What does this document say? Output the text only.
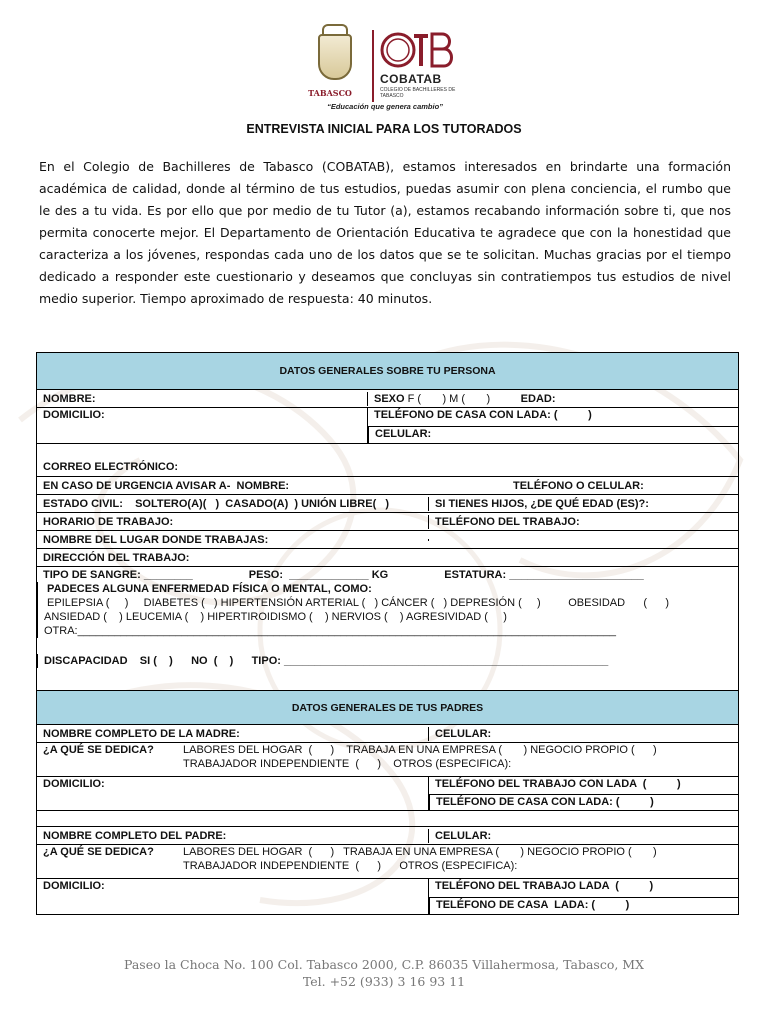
TABASCO
COBATAB
COLEGIO DE BACHILLERES DE TABASCO
“Educación que genera cambio”
ENTREVISTA INICIAL PARA LOS TUTORADOS
En el Colegio de Bachilleres de Tabasco (COBATAB), estamos interesados en brindarte una formación académica de calidad, donde al término de tus estudios, puedas asumir con plena conciencia, el rumbo que le des a tu vida. Es por ello que por medio de tu Tutor (a), estamos recabando información sobre ti, que nos permita conocerte mejor. El Departamento de Orientación Educativa te agradece que con la honestidad que caracteriza a los jóvenes, respondas cada uno de los datos que se te solicitan. Muchas gracias por el tiempo dedicado a responder este cuestionario y deseamos que concluyas sin contratiempos tus estudios de nivel medio superior. Tiempo aproximado de respuesta: 40 minutos.
DATOS GENERALES SOBRE TU PERSONA
NOMBRE:	SEXO F (       ) M (       )          EDAD:
DOMICILIO:	TELÉFONO DE CASA CON LADA: (          )
CELULAR:
CORREO ELECTRÓNICO:
EN CASO DE URGENCIA AVISAR A-  NOMBRE:	TELÉFONO O CELULAR:
ESTADO CIVIL:    SOLTERO(A)(   )  CASADO(A)  ) UNIÓN LIBRE(   )	SI TIENES HIJOS, ¿DE QUÉ EDAD (ES)?:
HORARIO DE TRABAJO:	TELÉFONO DEL TRABAJO:
NOMBRE DEL LUGAR DONDE TRABAJAS:
DIRECCIÓN DEL TRABAJO:
TIPO DE SANGRE: ________	PESO:  _____________ KG	ESTATURA: ______________________
PADECES ALGUNA ENFERMEDAD FÍSICA O MENTAL, COMO:
EPILEPSIA (     )     DIABETES (   ) HIPERTENSIÓN ARTERIAL (   ) CÁNCER (   ) DEPRESIÓN (     )         OBESIDAD      (      )
ANSIEDAD (    ) LEUCEMIA (    ) HIPERTIROIDISMO (    ) NERVIOS (    ) AGRESIVIDAD (     )
OTRA:________________________________________________________________________________________
DISCAPACIDAD    SI (    )      NO  (    )      TIPO: _____________________________________________________
DATOS GENERALES DE TUS PADRES
NOMBRE COMPLETO DE LA MADRE:	CELULAR:
¿A QUÉ SE DEDICA?	LABORES DEL HOGAR  (      )    TRABAJA EN UNA EMPRESA (       ) NEGOCIO PROPIO (      )
TRABAJADOR INDEPENDIENTE  (      )    OTROS (ESPECIFICA):
DOMICILIO:	TELÉFONO DEL TRABAJO CON LADA  (          )
TELÉFONO DE CASA CON LADA: (          )
NOMBRE COMPLETO DEL PADRE:	CELULAR:
¿A QUÉ SE DEDICA?	LABORES DEL HOGAR  (      )   TRABAJA EN UNA EMPRESA (       ) NEGOCIO PROPIO (       )
TRABAJADOR INDEPENDIENTE  (      )      OTROS (ESPECIFICA):
DOMICILIO:	TELÉFONO DEL TRABAJO LADA  (          )
TELÉFONO DE CASA  LADA: (          )
Paseo la Choca No. 100 Col. Tabasco 2000, C.P. 86035 Villahermosa, Tabasco, MX
Tel. +52 (933) 3 16 93 11
